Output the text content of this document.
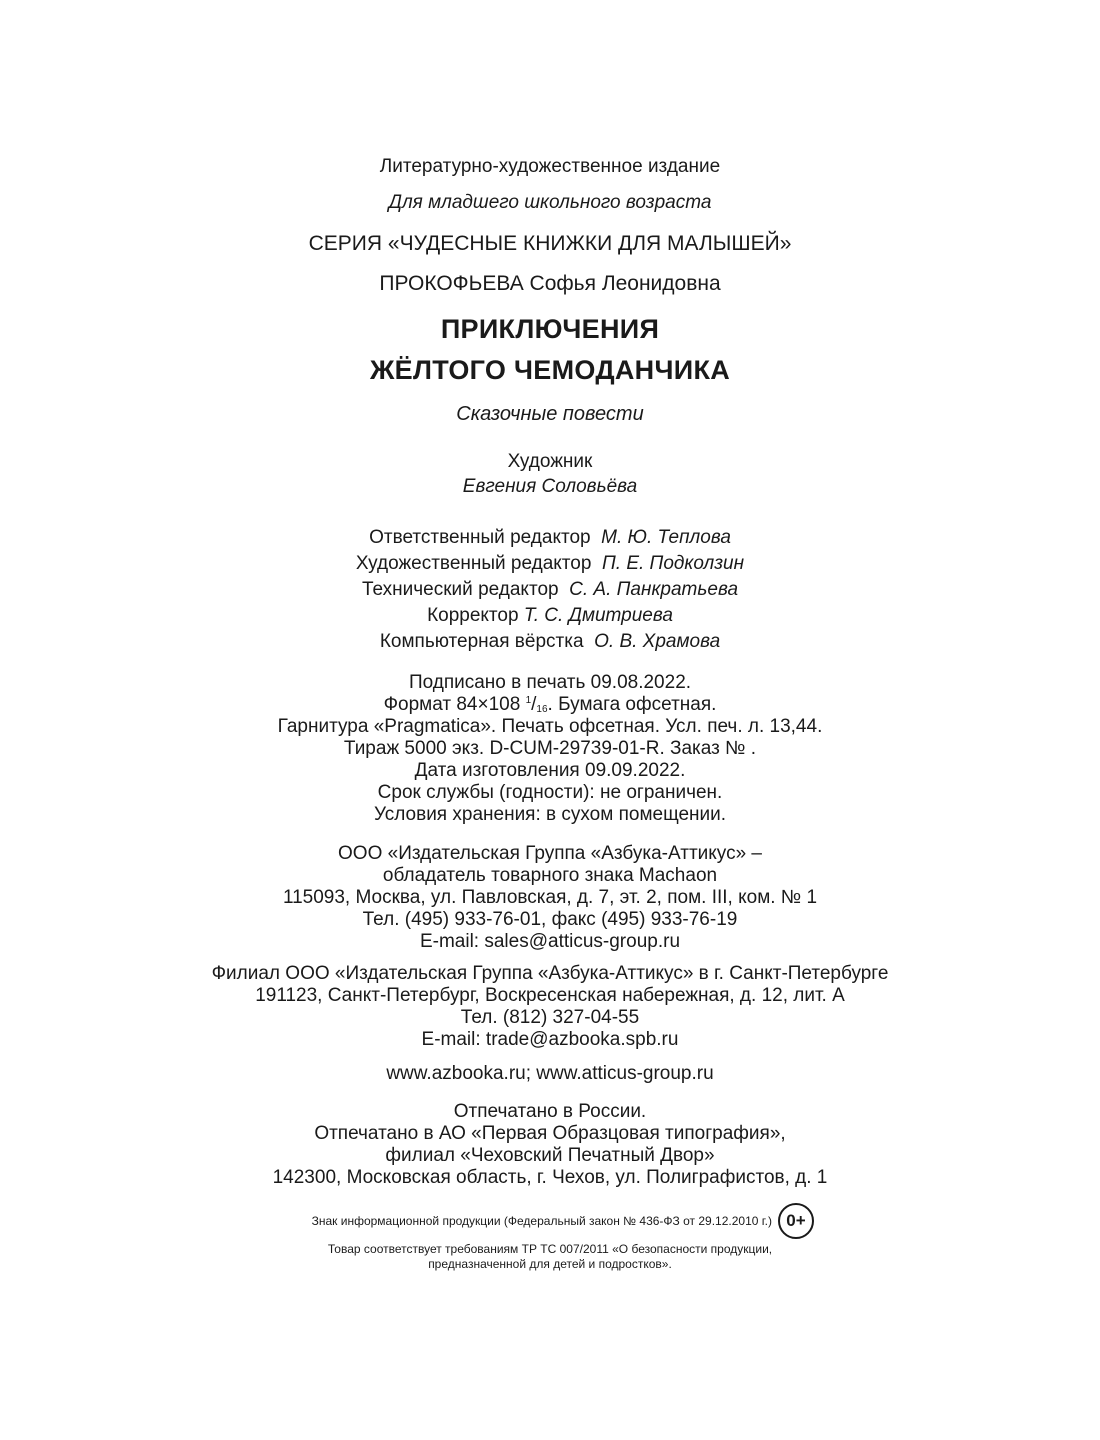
Литературно-художественное издание
Для младшего школьного возраста
СЕРИЯ «ЧУДЕСНЫЕ КНИЖКИ ДЛЯ МАЛЫШЕЙ»
ПРОКОФЬЕВА Софья Леонидовна
ПРИКЛЮЧЕНИЯ
ЖЁЛТОГО ЧЕМОДАНЧИКА
Сказочные повести
Художник
Евгения Соловьёва
Ответственный редактор М. Ю. Теплова
Художественный редактор П. Е. Подколзин
Технический редактор С. А. Панкратьева
Корректор Т. С. Дмитриева
Компьютерная вёрстка О. В. Храмова
Подписано в печать 09.08.2022.
Формат 84×108 $^1/_{16}$. Бумага офсетная.
Гарнитура «Pragmatica». Печать офсетная. Усл. печ. л. 13,44.
Тираж 5000 экз. D-CUM-29739-01-R. Заказ № .
Дата изготовления 09.09.2022.
Срок службы (годности): не ограничен.
Условия хранения: в сухом помещении.
ООО «Издательская Группа «Азбука-Аттикус» –
обладатель товарного знака Machaon
115093, Москва, ул. Павловская, д. 7, эт. 2, пом. III, ком. № 1
Тел. (495) 933-76-01, факс (495) 933-76-19
E-mail: sales@atticus-group.ru
Филиал ООО «Издательская Группа «Азбука-Аттикус» в г. Санкт-Петербурге
191123, Санкт-Петербург, Воскресенская набережная, д. 12, лит. А
Тел. (812) 327-04-55
E-mail: trade@azbooka.spb.ru
www.azbooka.ru; www.atticus-group.ru
Отпечатано в России.
Отпечатано в АО «Первая Образцовая типография»,
филиал «Чеховский Печатный Двор»
142300, Московская область, г. Чехов, ул. Полиграфистов, д. 1
Знак информационной продукции (Федеральный закон № 436-ФЗ от 29.12.2010 г.) 0+
Товар соответствует требованиям ТР ТС 007/2011 «О безопасности продукции,
предназначенной для детей и подростков».
